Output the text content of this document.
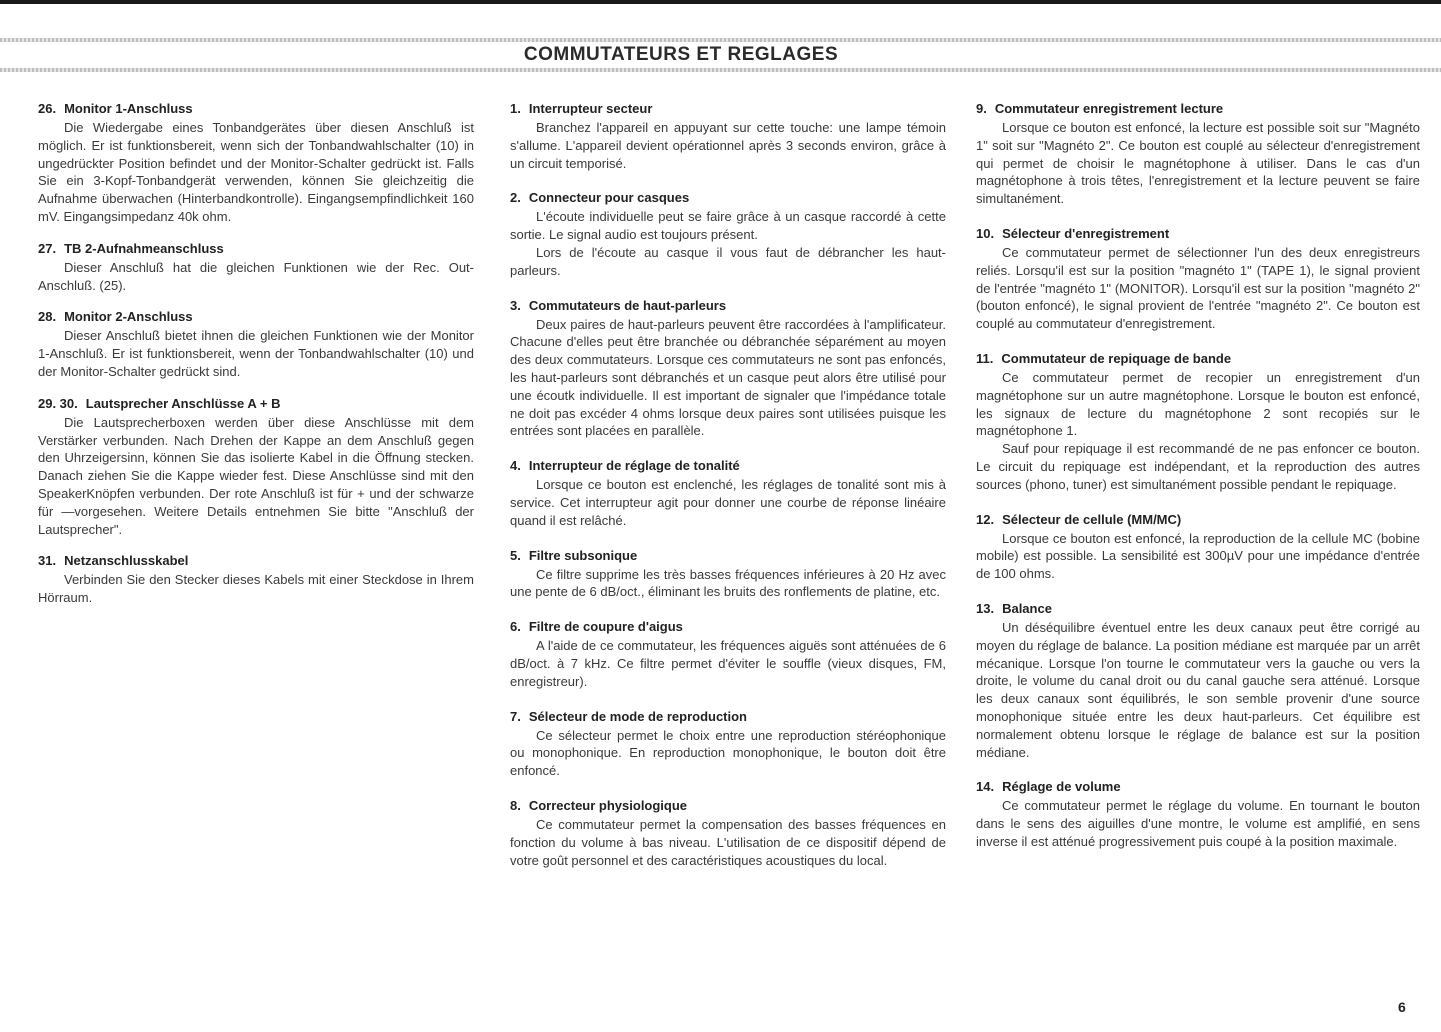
COMMUTATEURS ET REGLAGES
26. Monitor 1-Anschluss

Die Wiedergabe eines Tonbandgerätes über diesen Anschluß ist möglich. Er ist funktionsbereit, wenn sich der Tonbandwahlschalter (10) in ungedrückter Position befindet und der Monitor-Schalter gedrückt ist. Falls Sie ein 3-Kopf-Tonbandgerät verwenden, können Sie gleichzeitig die Aufnahme überwachen (Hinterbandkontrolle). Eingangsempfindlichkeit 160 mV. Eingangsimpedanz 40k ohm.

27. TB 2-Aufnahmeanschluss

Dieser Anschluß hat die gleichen Funktionen wie der Rec. Out-Anschluß. (25).

28. Monitor 2-Anschluss

Dieser Anschluß bietet ihnen die gleichen Funktionen wie der Monitor 1-Anschluß. Er ist funktionsbereit, wenn der Tonbandwahlschalter (10) und der Monitor-Schalter gedrückt sind.

29. 30. Lautsprecher Anschlüsse A + B

Die Lautsprecherboxen werden über diese Anschlüsse mit dem Verstärker verbunden. Nach Drehen der Kappe an dem Anschluß gegen den Uhrzeigersinn, können Sie das isolierte Kabel in die Öffnung stecken. Danach ziehen Sie die Kappe wieder fest. Diese Anschlüsse sind mit den SpeakerKnöpfen verbunden. Der rote Anschluß ist für + und der schwarze für —vorgesehen. Weitere Details entnehmen Sie bitte "Anschluß der Lautsprecher".

31. Netzanschlusskabel

Verbinden Sie den Stecker dieses Kabels mit einer Steckdose in Ihrem Hörraum.

1. Interrupteur secteur

Branchez l'appareil en appuyant sur cette touche: une lampe témoin s'allume. L'appareil devient opérationnel après 3 seconds environ, grâce à un circuit temporisé.

2. Connecteur pour casques

L'écoute individuelle peut se faire grâce à un casque raccordé à cette sortie. Le signal audio est toujours présent.

Lors de l'écoute au casque il vous faut de débrancher les haut-parleurs.

3. Commutateurs de haut-parleurs

Deux paires de haut-parleurs peuvent être raccordées à l'amplificateur. Chacune d'elles peut être branchée ou débranchée séparément au moyen des deux commutateurs. Lorsque ces commutateurs ne sont pas enfoncés, les haut-parleurs sont débranchés et un casque peut alors être utilisé pour une écoutk individuelle. Il est important de signaler que l'impédance totale ne doit pas excéder 4 ohms lorsque deux paires sont utilisées puisque les entrées sont placées en parallèle.

4. Interrupteur de réglage de tonalité

Lorsque ce bouton est enclenché, les réglages de tonalité sont mis à service. Cet interrupteur agit pour donner une courbe de réponse linéaire quand il est relâché.

5. Filtre subsonique

Ce filtre supprime les très basses fréquences inférieures à 20 Hz avec une pente de 6 dB/oct., éliminant les bruits des ronflements de platine, etc.

6. Filtre de coupure d'aigus

A l'aide de ce commutateur, les fréquences aiguës sont atténuées de 6 dB/oct. à 7 kHz. Ce filtre permet d'éviter le souffle (vieux disques, FM, enregistreur).

7. Sélecteur de mode de reproduction

Ce sélecteur permet le choix entre une reproduction stéréophonique ou monophonique. En reproduction monophonique, le bouton doit être enfoncé.

8. Correcteur physiologique

Ce commutateur permet la compensation des basses fréquences en fonction du volume à bas niveau. L'utilisation de ce dispositif dépend de votre goût personnel et des caractéristiques acoustiques du local.

9. Commutateur enregistrement lecture

Lorsque ce bouton est enfoncé, la lecture est possible soit sur "Magnéto 1" soit sur "Magnéto 2". Ce bouton est couplé au sélecteur d'enregistrement qui permet de choisir le magnétophone à utiliser. Dans le cas d'un magnétophone à trois têtes, l'enregistrement et la lecture peuvent se faire simultanément.

10. Sélecteur d'enregistrement

Ce commutateur permet de sélectionner l'un des deux enregistreurs reliés. Lorsqu'il est sur la position "magnéto 1" (TAPE 1), le signal provient de l'entrée "magnéto 1" (MONITOR). Lorsqu'il est sur la position "magnéto 2" (bouton enfoncé), le signal provient de l'entrée "magnéto 2". Ce bouton est couplé au commutateur d'enregistrement.

11. Commutateur de repiquage de bande

Ce commutateur permet de recopier un enregistrement d'un magnétophone sur un autre magnétophone. Lorsque le bouton est enfoncé, les signaux de lecture du magnétophone 2 sont recopiés sur le magnétophone 1.

Sauf pour repiquage il est recommandé de ne pas enfoncer ce bouton. Le circuit du repiquage est indépendant, et la reproduction des autres sources (phono, tuner) est simultanément possible pendant le repiquage.

12. Sélecteur de cellule (MM/MC)

Lorsque ce bouton est enfoncé, la reproduction de la cellule MC (bobine mobile) est possible. La sensibilité est 300µV pour une impédance d'entrée de 100 ohms.

13. Balance

Un déséquilibre éventuel entre les deux canaux peut être corrigé au moyen du réglage de balance. La position médiane est marquée par un arrêt mécanique. Lorsque l'on tourne le commutateur vers la gauche ou vers la droite, le volume du canal droit ou du canal gauche sera atténué. Lorsque les deux canaux sont équilibrés, le son semble provenir d'une source monophonique située entre les deux haut-parleurs. Cet équilibre est normalement obtenu lorsque le réglage de balance est sur la position médiane.

14. Réglage de volume

Ce commutateur permet le réglage du volume. En tournant le bouton dans le sens des aiguilles d'une montre, le volume est amplifié, en sens inverse il est atténué progressivement puis coupé à la position maximale.

6
